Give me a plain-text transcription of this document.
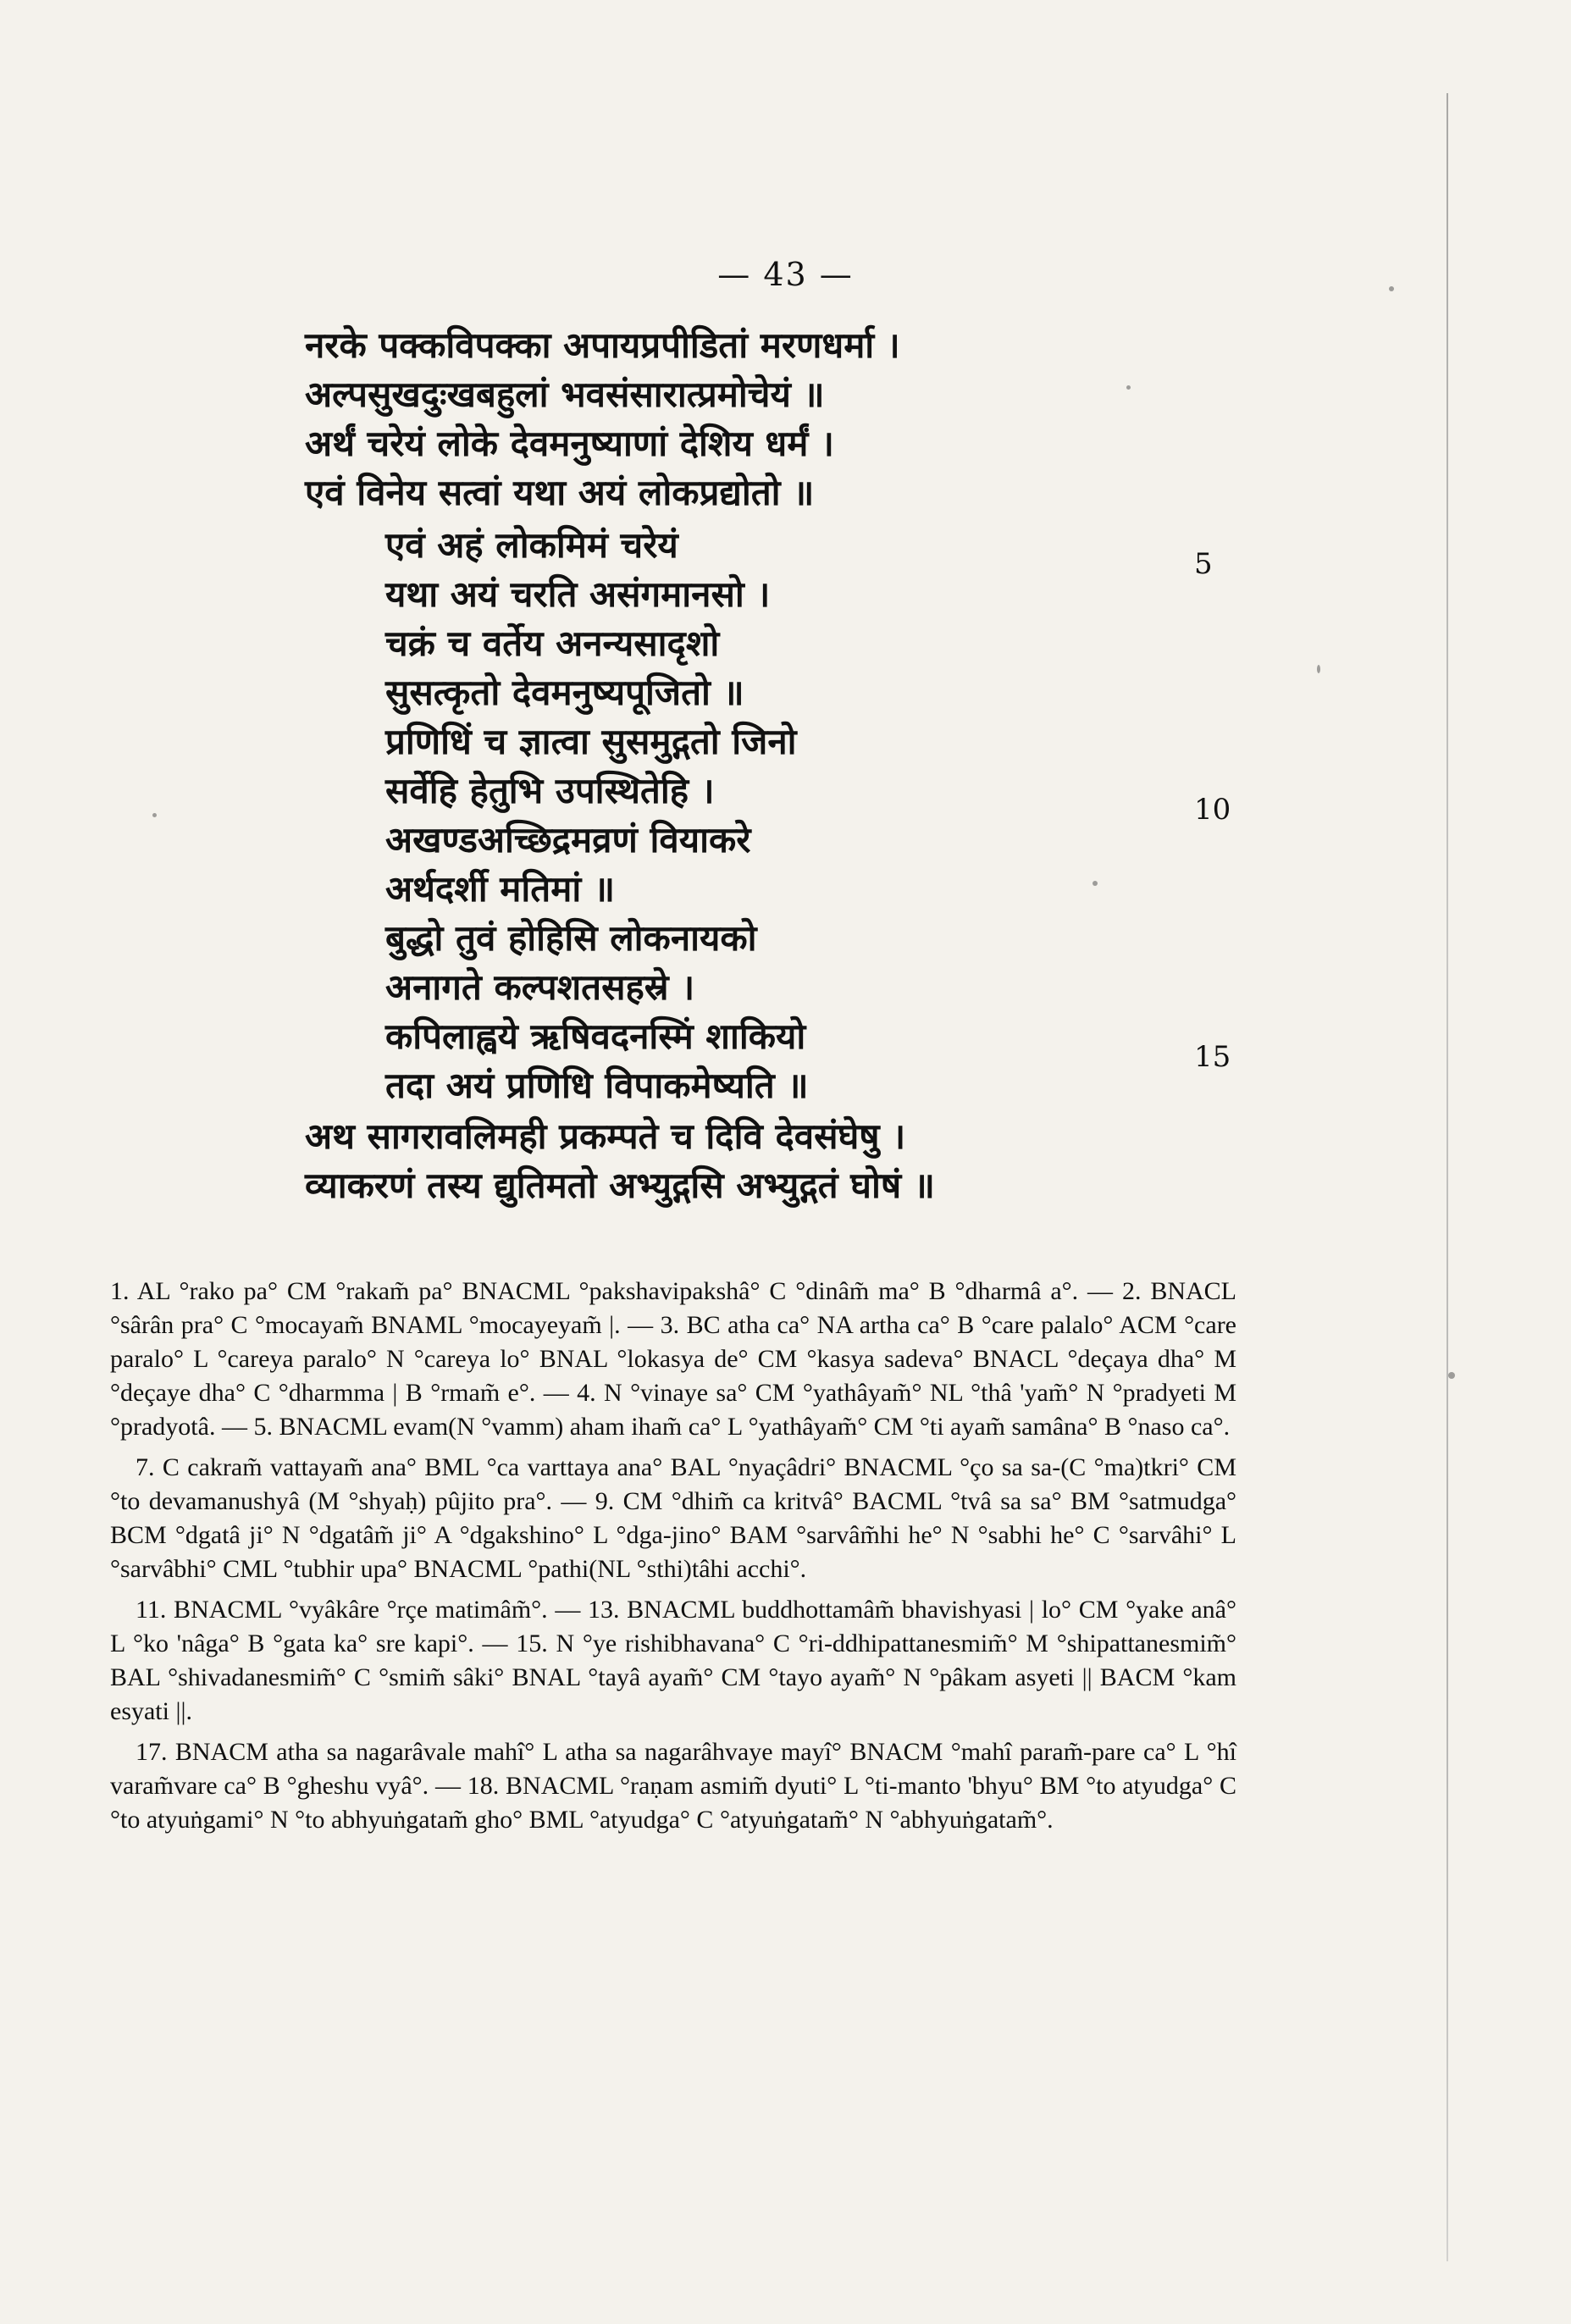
— 43 —
नरके पक्कविपक्का अपायप्रपीडितां मरणधर्मा ।
अल्पसुखदुःखबहुलां भवसंसारात्प्रमोचेयं ॥
अर्थं चरेयं लोके देवमनुष्याणां देशिय धर्मं ।
एवं विनेय सत्वां यथा अयं लोकप्रद्योतो ॥
एवं अहं लोकमिमं चरेयं
यथा अयं चरति असंगमानसो ।
चक्रं च वर्तेय अनन्यसादृशो
सुसत्कृतो देवमनुष्यपूजितो ॥
प्रणिधिं च ज्ञात्वा सुसमुद्गतो जिनो
सर्वेहि हेतुभि उपस्थितेहि ।
अखण्डअच्छिद्रमव्रणं वियाकरे
अर्थदर्शी मतिमां ॥
बुद्धो तुवं होहिसि लोकनायको
अनागते कल्पशतसहस्रे ।
कपिलाह्वये ऋषिवदनस्मिं शाकियो
तदा अयं प्रणिधि विपाकमेष्यति ॥
अथ सागरावलिमही प्रकम्पते च दिवि देवसंघेषु ।
व्याकरणं तस्य द्युतिमतो अभ्युद्गसि अभ्युद्गतं घोषं ॥
5
10
15

1. AL °rako pa° CM °rakam̃ pa° BNACML °pakshavipakshâ° C °dinâm̃ ma° B °dharmâ a°. — 2. BNACL °sârân pra° C °mocayam̃ BNAML °mocayeyam̃ |. — 3. BC atha ca° NA artha ca° B °care palalo° ACM °care paralo° L °careya paralo° N °careya lo° BNAL °lokasya de° CM °kasya sadeva° BNACL °deçaya dha° M °deçaye dha° C °dharmma | B °rmam̃ e°. — 4. N °vinaye sa° CM °yathâyam̃° NL °thâ 'yam̃° N °pradyeti M °pradyotâ. — 5. BNACML evam(N °vamm) aham iham̃ ca° L °yathâyam̃° CM °ti ayam̃ samâna° B °naso ca°.

7. C cakram̃ vattayam̃ ana° BML °ca varttaya ana° BAL °nyaçâdri° BNACML °ço sa sa-(C °ma)tkri° CM °to devamanushyâ (M °shyaḥ) pûjito pra°. — 9. CM °dhim̃ ca kritvâ° BACML °tvâ sa sa° BM °satmudga° BCM °dgatâ ji° N °dgatâm̃ ji° A °dgakshino° L °dga-jino° BAM °sarvâm̃hi he° N °sabhi he° C °sarvâhi° L °sarvâbhi° CML °tubhir upa° BNACML °pathi(NL °sthi)tâhi acchi°.

11. BNACML °vyâkâre °rçe matimâm̃°. — 13. BNACML buddhottamâm̃ bhavishyasi | lo° CM °yake anâ° L °ko 'nâga° B °gata ka° sre kapi°. — 15. N °ye rishibhavana° C °ri-ddhipattanesmim̃° M °shipattanesmim̃° BAL °shivadanesmim̃° C °smim̃ sâki° BNAL °tayâ ayam̃° CM °tayo ayam̃° N °pâkam asyeti || BACM °kam esyati ||.

17. BNACM atha sa nagarâvale mahî° L atha sa nagarâhvaye mayî° BNACM °mahî param̃-pare ca° L °hî varam̃vare ca° B °gheshu vyâ°. — 18. BNACML °raṇam asmim̃ dyuti° L °ti-manto 'bhyu° BM °to atyudga° C °to atyuṅgami° N °to abhyuṅgatam̃ gho° BML °atyudga° C °atyuṅgatam̃° N °abhyuṅgatam̃°.
